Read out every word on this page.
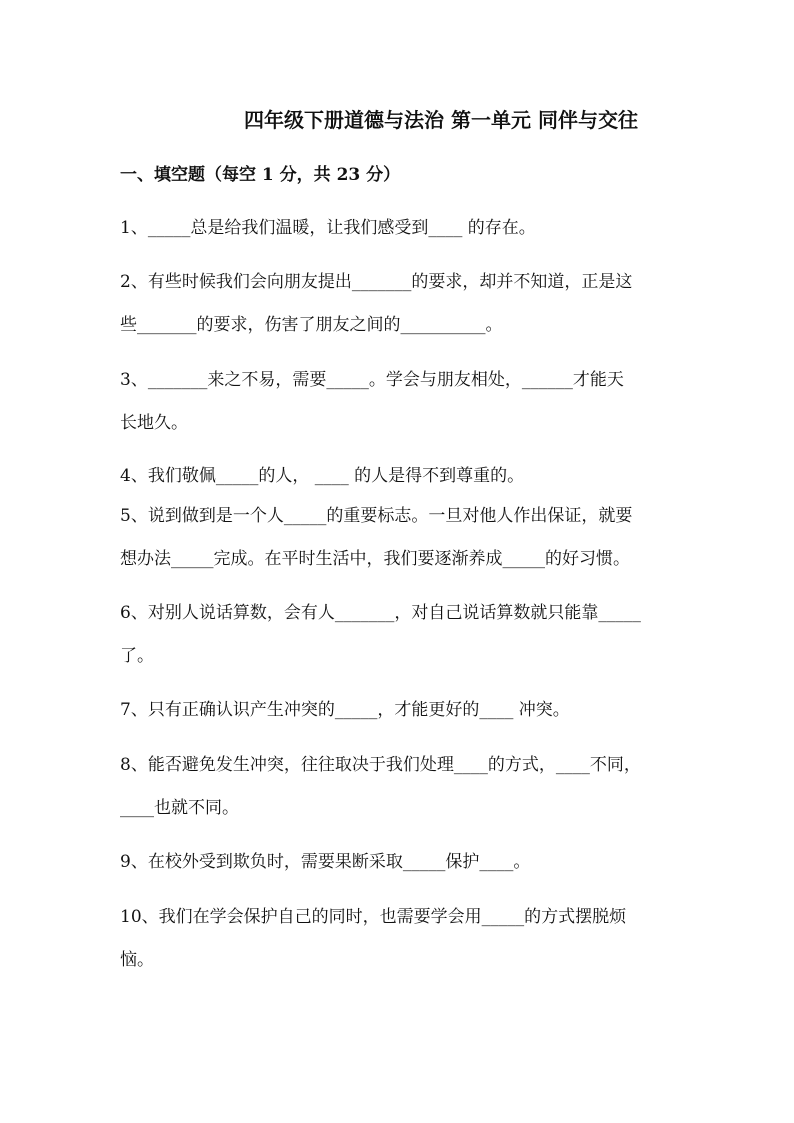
四年级下册道德与法治 第一单元 同伴与交往
一、填空题（每空 1 分，共 23 分）
1、_____总是给我们温暖，让我们感受到____ 的存在。
2、有些时候我们会向朋友提出_______的要求，却并不知道，正是这
些_______的要求，伤害了朋友之间的__________。
3、_______来之不易，需要_____。学会与朋友相处，______才能天
长地久。
4、我们敬佩_____的人， ____ 的人是得不到尊重的。
5、说到做到是一个人_____的重要标志。一旦对他人作出保证，就要
想办法_____完成。在平时生活中，我们要逐渐养成_____的好习惯。
6、对别人说话算数，会有人_______，对自己说话算数就只能靠_____
了。
7、只有正确认识产生冲突的_____，才能更好的____ 冲突。
8、能否避免发生冲突，往往取决于我们处理____的方式，____不同，
____也就不同。
9、在校外受到欺负时，需要果断采取_____保护____。
10、我们在学会保护自己的同时，也需要学会用_____的方式摆脱烦
恼。
